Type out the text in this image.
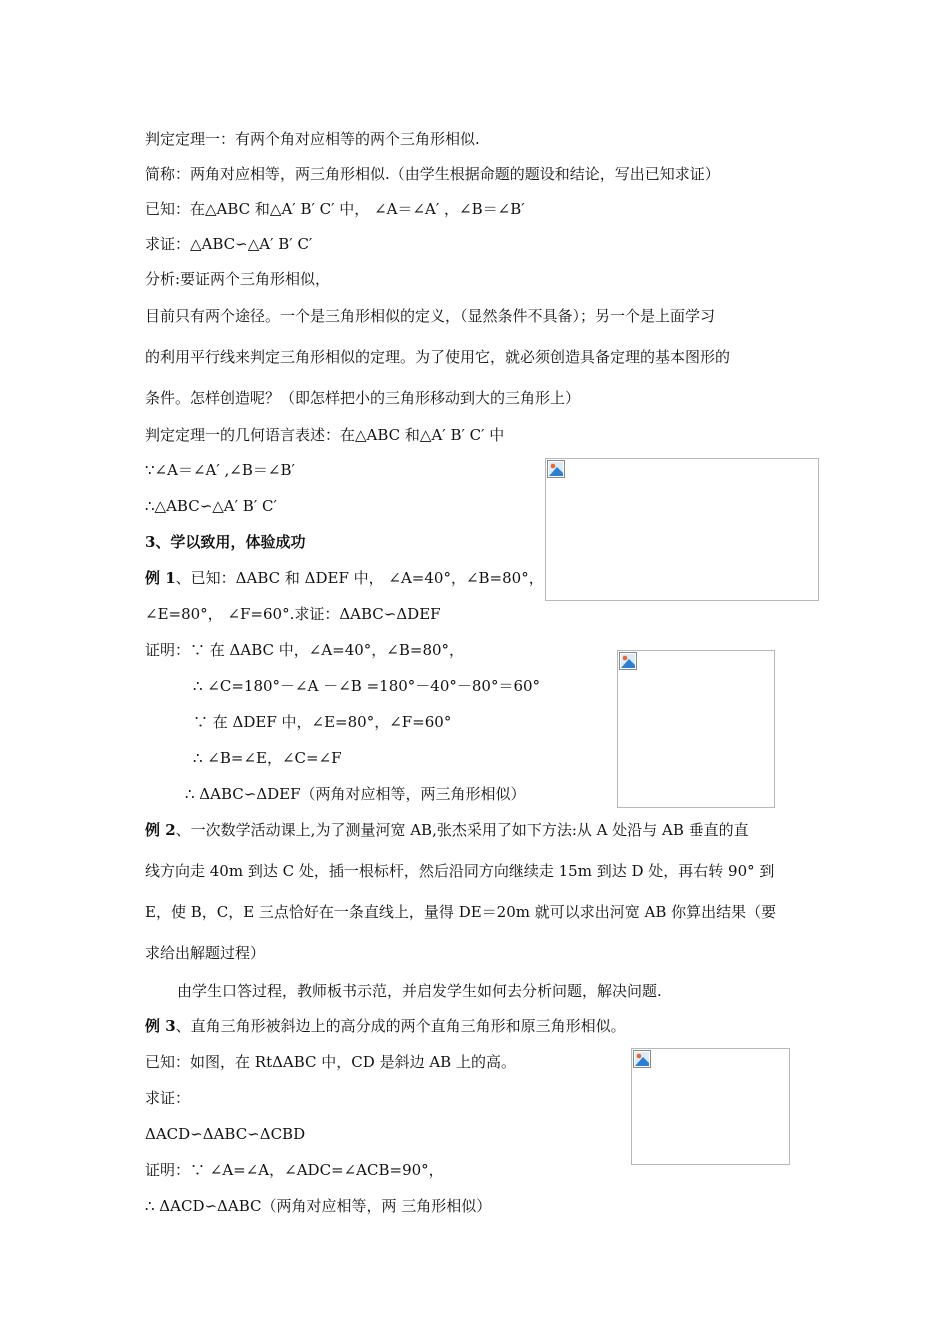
判定定理一：有两个角对应相等的两个三角形相似.

简称：两角对应相等，两三角形相似.（由学生根据命题的题设和结论，写出已知求证）

已知：在△ABC 和△A′ B′ C′ 中， ∠A＝∠A′ ，∠B＝∠B′

求证：△ABC∽△A′ B′ C′

分析:要证两个三角形相似，

目前只有两个途径。一个是三角形相似的定义，（显然条件不具备）；另一个是上面学习

的利用平行线来判定三角形相似的定理。为了使用它，就必须创造具备定理的基本图形的

条件。怎样创造呢？（即怎样把小的三角形移动到大的三角形上）

判定定理一的几何语言表述：在△ABC 和△A′ B′ C′ 中

∵∠A＝∠A′ ,∠B＝∠B′

∴△ABC∽△A′ B′ C′

3、学以致用，体验成功

例 1、已知：ΔABC 和 ΔDEF 中， ∠A=40°，∠B=80°，

∠E=80°， ∠F=60°.求证：ΔABC∽ΔDEF

证明：∵ 在 ΔABC 中，∠A=40°，∠B=80°，

∴ ∠C=180°－∠A －∠B =180°－40°－80°＝60°

∵ 在 ΔDEF 中，∠E=80°，∠F=60°

∴ ∠B=∠E，∠C=∠F

∴ ΔABC∽ΔDEF（两角对应相等，两三角形相似）

例 2、一次数学活动课上,为了测量河宽 AB,张杰采用了如下方法:从 A 处沿与 AB 垂直的直

线方向走 40m 到达 C 处，插一根标杆，然后沿同方向继续走 15m 到达 D 处，再右转 90° 到

E，使 B，C，E 三点恰好在一条直线上，量得 DE＝20m 就可以求出河宽 AB 你算出结果（要

求给出解题过程）

由学生口答过程，教师板书示范，并启发学生如何去分析问题，解决问题.

例 3、直角三角形被斜边上的高分成的两个直角三角形和原三角形相似。

已知：如图，在 RtΔABC 中，CD 是斜边 AB 上的高。

求证：

ΔACD∽ΔABC∽ΔCBD

证明：∵ ∠A=∠A，∠ADC=∠ACB=90°，

∴ ΔACD∽ΔABC（两角对应相等，两 三角形相似）
